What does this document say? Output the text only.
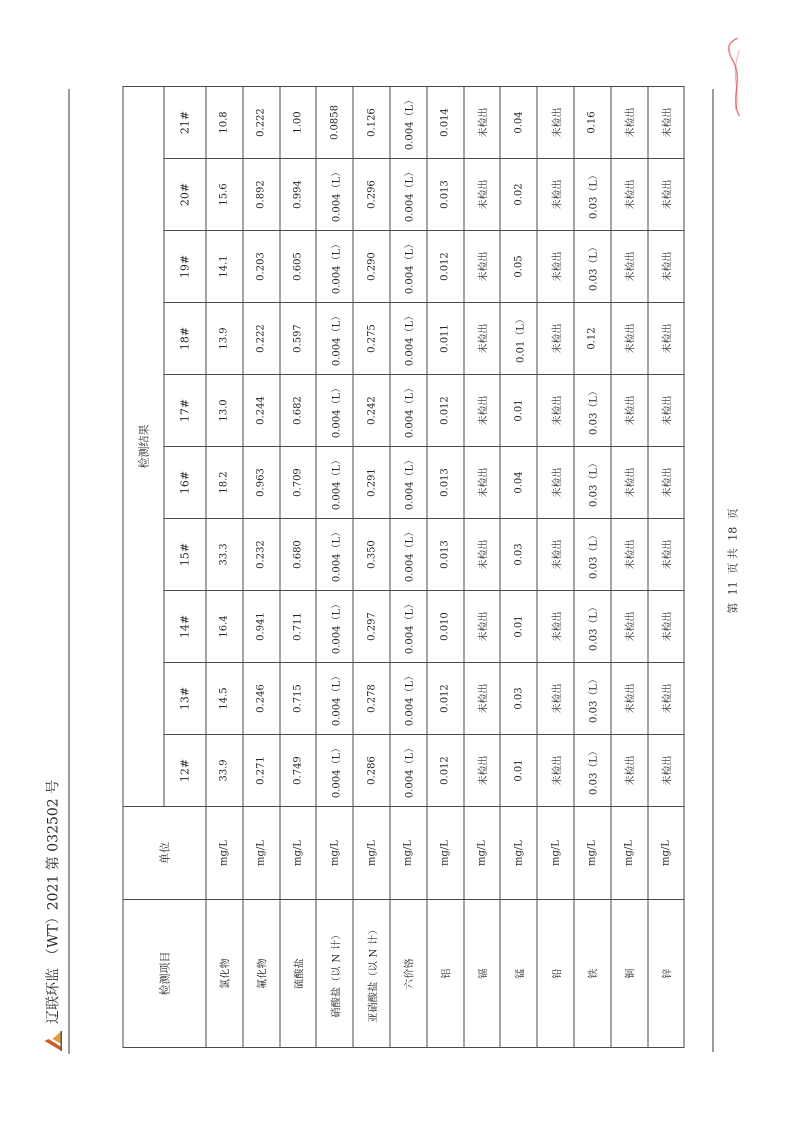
辽联环监
（WT）2021 第 032502 号
检测项目	单位	检测结果									
		12#	13#	14#	15#	16#	17#	18#	19#	20#	21#
氯化物	mg/L	33.9	14.5	16.4	33.3	18.2	13.0	13.9	14.1	15.6	10.8
氟化物	mg/L	0.271	0.246	0.941	0.232	0.963	0.244	0.222	0.203	0.892	0.222
硫酸盐	mg/L	0.749	0.715	0.711	0.680	0.709	0.682	0.597	0.605	0.994	1.00
硝酸盐（以 N 计）	mg/L	0.004（L）	0.004（L）	0.004（L）	0.004（L）	0.004（L）	0.004（L）	0.004（L）	0.004（L）	0.004（L）	0.0858
亚硝酸盐（以 N 计）	mg/L	0.286	0.278	0.297	0.350	0.291	0.242	0.275	0.290	0.296	0.126
六价铬	mg/L	0.004（L）	0.004（L）	0.004（L）	0.004（L）	0.004（L）	0.004（L）	0.004（L）	0.004（L）	0.004（L）	0.004（L）
铝	mg/L	0.012	0.012	0.010	0.013	0.013	0.012	0.011	0.012	0.013	0.014
镉	mg/L	未检出	未检出	未检出	未检出	未检出	未检出	未检出	未检出	未检出	未检出
锰	mg/L	0.01	0.03	0.01	0.03	0.04	0.01	0.01（L）	0.05	0.02	0.04
铅	mg/L	未检出	未检出	未检出	未检出	未检出	未检出	未检出	未检出	未检出	未检出
铁	mg/L	0.03（L）	0.03（L）	0.03（L）	0.03（L）	0.03（L）	0.03（L）	0.12	0.03（L）	0.03（L）	0.16
铜	mg/L	未检出	未检出	未检出	未检出	未检出	未检出	未检出	未检出	未检出	未检出
锌	mg/L	未检出	未检出	未检出	未检出	未检出	未检出	未检出	未检出	未检出	未检出
第 11 页 共 18 页
